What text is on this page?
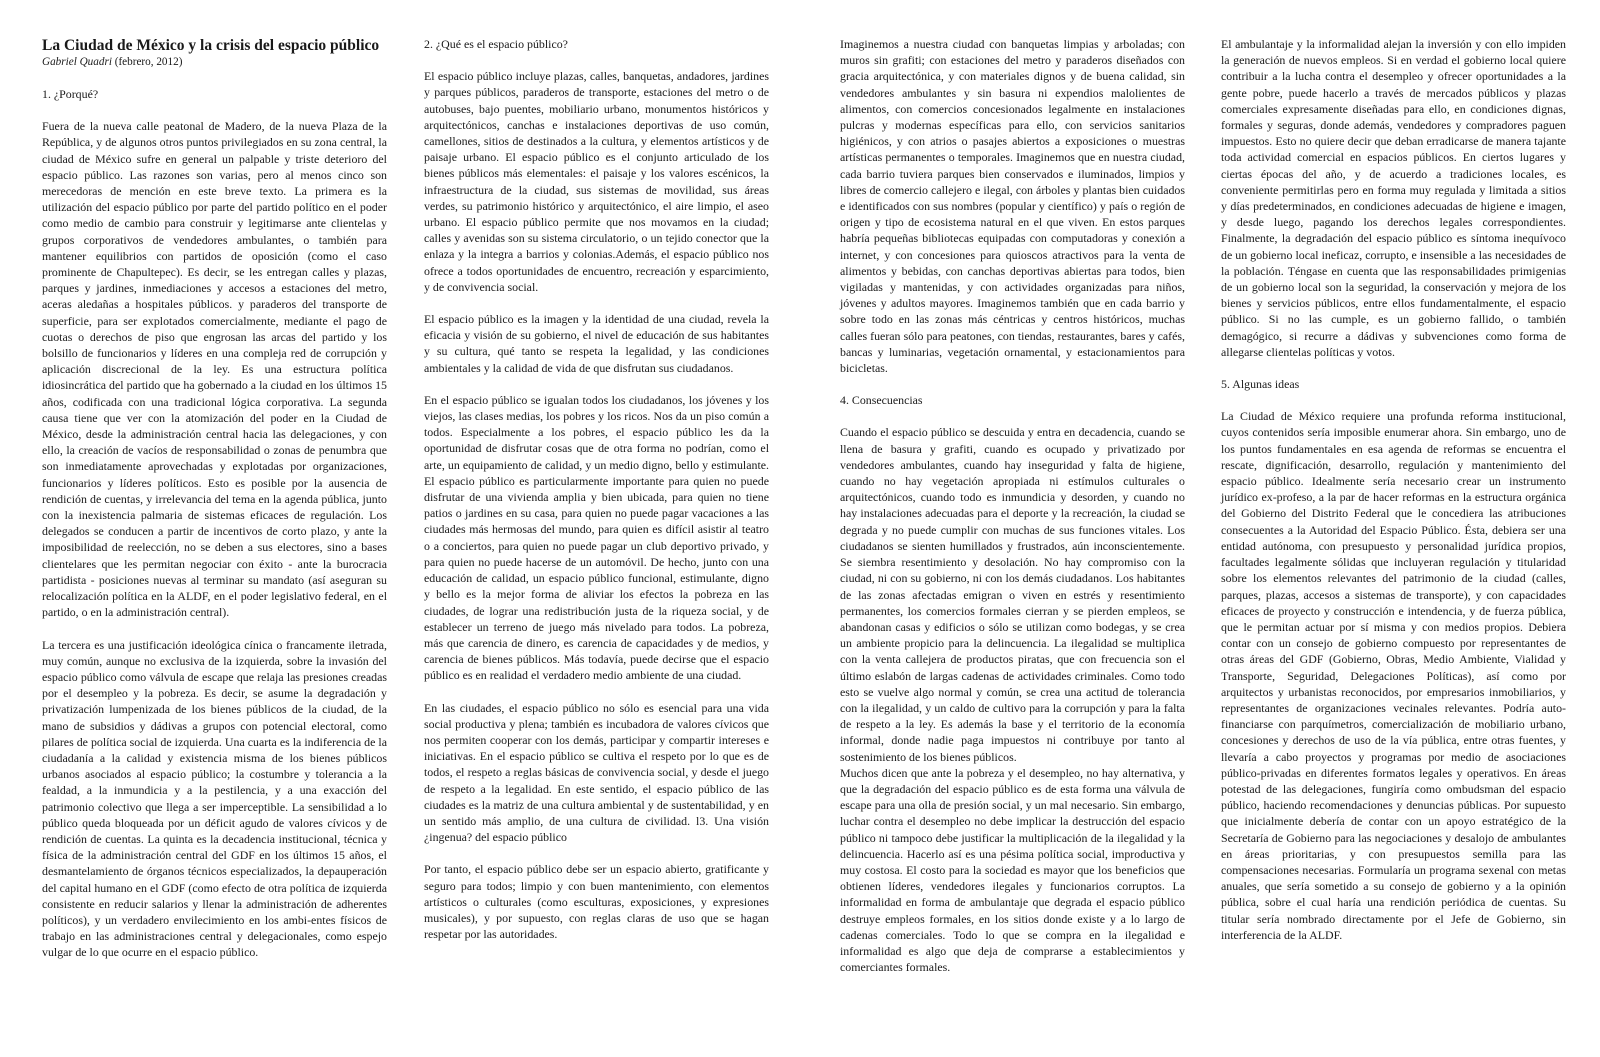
La Ciudad de México y la crisis del espacio público
Gabriel Quadri (febrero, 2012)
1. ¿Porqué?

Fuera de la nueva calle peatonal de Madero, de la nueva Plaza de la República, y de algunos otros puntos privilegiados en su zona central, la ciudad de México sufre en general un palpable y triste deterioro del espacio público. Las razones son varias, pero al menos cinco son merecedoras de mención en este breve texto. La primera es la utilización del espacio público por parte del partido político en el poder como medio de cambio para construir y legitimarse ante clientelas y grupos corporativos de vendedores ambulantes, o también para mantener equilibrios con partidos de oposición (como el caso prominente de Chapultepec). Es decir, se les entregan calles y plazas, parques y jardines, inmediaciones y accesos a estaciones del metro, aceras aledañas a hospitales públicos. y paraderos del transporte de superficie, para ser explotados comercialmente, mediante el pago de cuotas o derechos de piso que engrosan las arcas del partido y los bolsillo de funcionarios y líderes en una compleja red de corrupción y aplicación discrecional de la ley. Es una estructura política idiosincrática del partido que ha gobernado a la ciudad en los últimos 15 años, codificada con una tradicional lógica corporativa. La segunda causa tiene que ver con la atomización del poder en la Ciudad de México, desde la administración central hacia las delegaciones, y con ello, la creación de vacíos de responsabilidad o zonas de penumbra que son inmediatamente aprovechadas y explotadas por organizaciones, funcionarios y líderes políticos. Esto es posible por la ausencia de rendición de cuentas, y irrelevancia del tema en la agenda pública, junto con la inexistencia palmaria de sistemas eficaces de regulación. Los delegados se conducen a partir de incentivos de corto plazo, y ante la imposibilidad de reelección, no se deben a sus electores, sino a bases clientelares que les permitan negociar con éxito - ante la burocracia partidista - posiciones nuevas al terminar su mandato (así aseguran su relocalización política en la ALDF, en el poder legislativo federal, en el partido, o en la administración central).

La tercera es una justificación ideológica cínica o francamente iletrada, muy común, aunque no exclusiva de la izquierda, sobre la invasión del espacio público como válvula de escape que relaja las presiones creadas por el desempleo y la pobreza. Es decir, se asume la degradación y privatización lumpenizada de los bienes públicos de la ciudad, de la mano de subsidios y dádivas a grupos con potencial electoral, como pilares de política social de izquierda. Una cuarta es la indiferencia de la ciudadanía a la calidad y existencia misma de los bienes públicos urbanos asociados al espacio público; la costumbre y tolerancia a la fealdad, a la inmundicia y a la pestilencia, y a una exacción del patrimonio colectivo que llega a ser imperceptible. La sensibilidad a lo público queda bloqueada por un déficit agudo de valores cívicos y de rendición de cuentas. La quinta es la decadencia institucional, técnica y física de la administración central del GDF en los últimos 15 años, el desmantelamiento de órganos técnicos especializados, la depauperación del capital humano en el GDF (como efecto de otra política de izquierda consistente en reducir salarios y llenar la administración de adherentes políticos), y un verdadero envilecimiento en los ambi-entes físicos de trabajo en las administraciones central y delegacionales, como espejo vulgar de lo que ocurre en el espacio público.

2. ¿Qué es el espacio público?

El espacio público incluye plazas, calles, banquetas, andadores, jardines y parques públicos, paraderos de transporte, estaciones del metro o de autobuses, bajo puentes, mobiliario urbano, monumentos históricos y arquitectónicos, canchas e instalaciones deportivas de uso común, camellones, sitios de destinados a la cultura, y elementos artísticos y de paisaje urbano. El espacio público es el conjunto articulado de los bienes públicos más elementales: el paisaje y los valores escénicos, la infraestructura de la ciudad, sus sistemas de movilidad, sus áreas verdes, su patrimonio histórico y arquitectónico, el aire limpio, el aseo urbano. El espacio público permite que nos movamos en la ciudad; calles y avenidas son su sistema circulatorio, o un tejido conector que la enlaza y la integra a barrios y colonias.Además, el espacio público nos ofrece a todos oportunidades de encuentro, recreación y esparcimiento, y de convivencia social.

El espacio público es la imagen y la identidad de una ciudad, revela la eficacia y visión de su gobierno, el nivel de educación de sus habitantes y su cultura, qué tanto se respeta la legalidad, y las condiciones ambientales y la calidad de vida de que disfrutan sus ciudadanos.

En el espacio público se igualan todos los ciudadanos, los jóvenes y los viejos, las clases medias, los pobres y los ricos. Nos da un piso común a todos. Especialmente a los pobres, el espacio público les da la oportunidad de disfrutar cosas que de otra forma no podrían, como el arte, un equipamiento de calidad, y un medio digno, bello y estimulante. El espacio público es particularmente importante para quien no puede disfrutar de una vivienda amplia y bien ubicada, para quien no tiene patios o jardines en su casa, para quien no puede pagar vacaciones a las ciudades más hermosas del mundo, para quien es difícil asistir al teatro o a conciertos, para quien no puede pagar un club deportivo privado, y para quien no puede hacerse de un automóvil. De hecho, junto con una educación de calidad, un espacio público funcional, estimulante, digno y bello es la mejor forma de aliviar los efectos la pobreza en las ciudades, de lograr una redistribución justa de la riqueza social, y de establecer un terreno de juego más nivelado para todos. La pobreza, más que carencia de dinero, es carencia de capacidades y de medios, y carencia de bienes públicos. Más todavía, puede decirse que el espacio público es en realidad el verdadero medio ambiente de una ciudad.

En las ciudades, el espacio público no sólo es esencial para una vida social productiva y plena; también es incubadora de valores cívicos que nos permiten cooperar con los demás, participar y compartir intereses e iniciativas. En el espacio público se cultiva el respeto por lo que es de todos, el respeto a reglas básicas de convivencia social, y desde el juego de respeto a la legalidad. En este sentido, el espacio público de las ciudades es la matriz de una cultura ambiental y de sustentabilidad, y en un sentido más amplio, de una cultura de civilidad. l3. Una visión ¿ingenua? del espacio público

Por tanto, el espacio público debe ser un espacio abierto, gratificante y seguro para todos; limpio y con buen mantenimiento, con elementos artísticos o culturales (como esculturas, exposiciones, y expresiones musicales), y por supuesto, con reglas claras de uso que se hagan respetar por las autoridades.

Imaginemos a nuestra ciudad con banquetas limpias y arboladas; con muros sin grafiti; con estaciones del metro y paraderos diseñados con gracia arquitectónica, y con materiales dignos y de buena calidad, sin vendedores ambulantes y sin basura ni expendios malolientes de alimentos, con comercios concesionados legalmente en instalaciones pulcras y modernas específicas para ello, con servicios sanitarios higiénicos, y con atrios o pasajes abiertos a exposiciones o muestras artísticas permanentes o temporales. Imaginemos que en nuestra ciudad, cada barrio tuviera parques bien conservados e iluminados, limpios y libres de comercio callejero e ilegal, con árboles y plantas bien cuidados e identificados con sus nombres (popular y científico) y país o región de origen y tipo de ecosistema natural en el que viven. En estos parques habría pequeñas bibliotecas equipadas con computadoras y conexión a internet, y con concesiones para quioscos atractivos para la venta de alimentos y bebidas, con canchas deportivas abiertas para todos, bien vigiladas y mantenidas, y con actividades organizadas para niños, jóvenes y adultos mayores. Imaginemos también que en cada barrio y sobre todo en las zonas más céntricas y centros históricos, muchas calles fueran sólo para peatones, con tiendas, restaurantes, bares y cafés, bancas y luminarias, vegetación ornamental, y estacionamientos para bicicletas.

4. Consecuencias

Cuando el espacio público se descuida y entra en decadencia, cuando se llena de basura y grafiti, cuando es ocupado y privatizado por vendedores ambulantes, cuando hay inseguridad y falta de higiene, cuando no hay vegetación apropiada ni estímulos culturales o arquitectónicos, cuando todo es inmundicia y desorden, y cuando no hay instalaciones adecuadas para el deporte y la recreación, la ciudad se degrada y no puede cumplir con muchas de sus funciones vitales. Los ciudadanos se sienten humillados y frustrados, aún inconscientemente. Se siembra resentimiento y desolación. No hay compromiso con la ciudad, ni con su gobierno, ni con los demás ciudadanos. Los habitantes de las zonas afectadas emigran o viven en estrés y resentimiento permanentes, los comercios formales cierran y se pierden empleos, se abandonan casas y edificios o sólo se utilizan como bodegas, y se crea un ambiente propicio para la delincuencia. La ilegalidad se multiplica con la venta callejera de productos piratas, que con frecuencia son el último eslabón de largas cadenas de actividades criminales. Como todo esto se vuelve algo normal y común, se crea una actitud de tolerancia con la ilegalidad, y un caldo de cultivo para la corrupción y para la falta de respeto a la ley. Es además la base y el territorio de la economía informal, donde nadie paga impuestos ni contribuye por tanto al sostenimiento de los bienes públicos.

Muchos dicen que ante la pobreza y el desempleo, no hay alternativa, y que la degradación del espacio público es de esta forma una válvula de escape para una olla de presión social, y un mal necesario. Sin embargo, luchar contra el desempleo no debe implicar la destrucción del espacio público ni tampoco debe justificar la multiplicación de la ilegalidad y la delincuencia. Hacerlo así es una pésima política social, improductiva y muy costosa. El costo para la sociedad es mayor que los beneficios que obtienen líderes, vendedores ilegales y funcionarios corruptos. La informalidad en forma de ambulantaje que degrada el espacio público destruye empleos formales, en los sitios donde existe y a lo largo de cadenas comerciales. Todo lo que se compra en la ilegalidad e informalidad es algo que deja de comprarse a establecimientos y comerciantes formales.

El ambulantaje y la informalidad alejan la inversión y con ello impiden la generación de nuevos empleos. Si en verdad el gobierno local quiere contribuir a la lucha contra el desempleo y ofrecer oportunidades a la gente pobre, puede hacerlo a través de mercados públicos y plazas comerciales expresamente diseñadas para ello, en condiciones dignas, formales y seguras, donde además, vendedores y compradores paguen impuestos. Esto no quiere decir que deban erradicarse de manera tajante toda actividad comercial en espacios públicos. En ciertos lugares y ciertas épocas del año, y de acuerdo a tradiciones locales, es conveniente permitirlas pero en forma muy regulada y limitada a sitios y días predeterminados, en condiciones adecuadas de higiene e imagen, y desde luego, pagando los derechos legales correspondientes. Finalmente, la degradación del espacio público es síntoma inequívoco de un gobierno local ineficaz, corrupto, e insensible a las necesidades de la población. Téngase en cuenta que las responsabilidades primigenias de un gobierno local son la seguridad, la conservación y mejora de los bienes y servicios públicos, entre ellos fundamentalmente, el espacio público. Si no las cumple, es un gobierno fallido, o también demagógico, si recurre a dádivas y subvenciones como forma de allegarse clientelas políticas y votos.

5. Algunas ideas

La Ciudad de México requiere una profunda reforma institucional, cuyos contenidos sería imposible enumerar ahora. Sin embargo, uno de los puntos fundamentales en esa agenda de reformas se encuentra el rescate, dignificación, desarrollo, regulación y mantenimiento del espacio público. Idealmente sería necesario crear un instrumento jurídico ex-profeso, a la par de hacer reformas en la estructura orgánica del Gobierno del Distrito Federal que le concediera las atribuciones consecuentes a la Autoridad del Espacio Público. Ésta, debiera ser una entidad autónoma, con presupuesto y personalidad jurídica propios, facultades legalmente sólidas que incluyeran regulación y titularidad sobre los elementos relevantes del patrimonio de la ciudad (calles, parques, plazas, accesos a sistemas de transporte), y con capacidades eficaces de proyecto y construcción e intendencia, y de fuerza pública, que le permitan actuar por sí misma y con medios propios. Debiera contar con un consejo de gobierno compuesto por representantes de otras áreas del GDF (Gobierno, Obras, Medio Ambiente, Vialidad y Transporte, Seguridad, Delegaciones Políticas), así como por arquitectos y urbanistas reconocidos, por empresarios inmobiliarios, y representantes de organizaciones vecinales relevantes. Podría auto-financiarse con parquímetros, comercialización de mobiliario urbano, concesiones y derechos de uso de la vía pública, entre otras fuentes, y llevaría a cabo proyectos y programas por medio de asociaciones público-privadas en diferentes formatos legales y operativos. En áreas potestad de las delegaciones, fungiría como ombudsman del espacio público, haciendo recomendaciones y denuncias públicas. Por supuesto que inicialmente debería de contar con un apoyo estratégico de la Secretaría de Gobierno para las negociaciones y desalojo de ambulantes en áreas prioritarias, y con presupuestos semilla para las compensaciones necesarias. Formularía un programa sexenal con metas anuales, que sería sometido a su consejo de gobierno y a la opinión pública, sobre el cual haría una rendición periódica de cuentas. Su titular sería nombrado directamente por el Jefe de Gobierno, sin interferencia de la ALDF.
